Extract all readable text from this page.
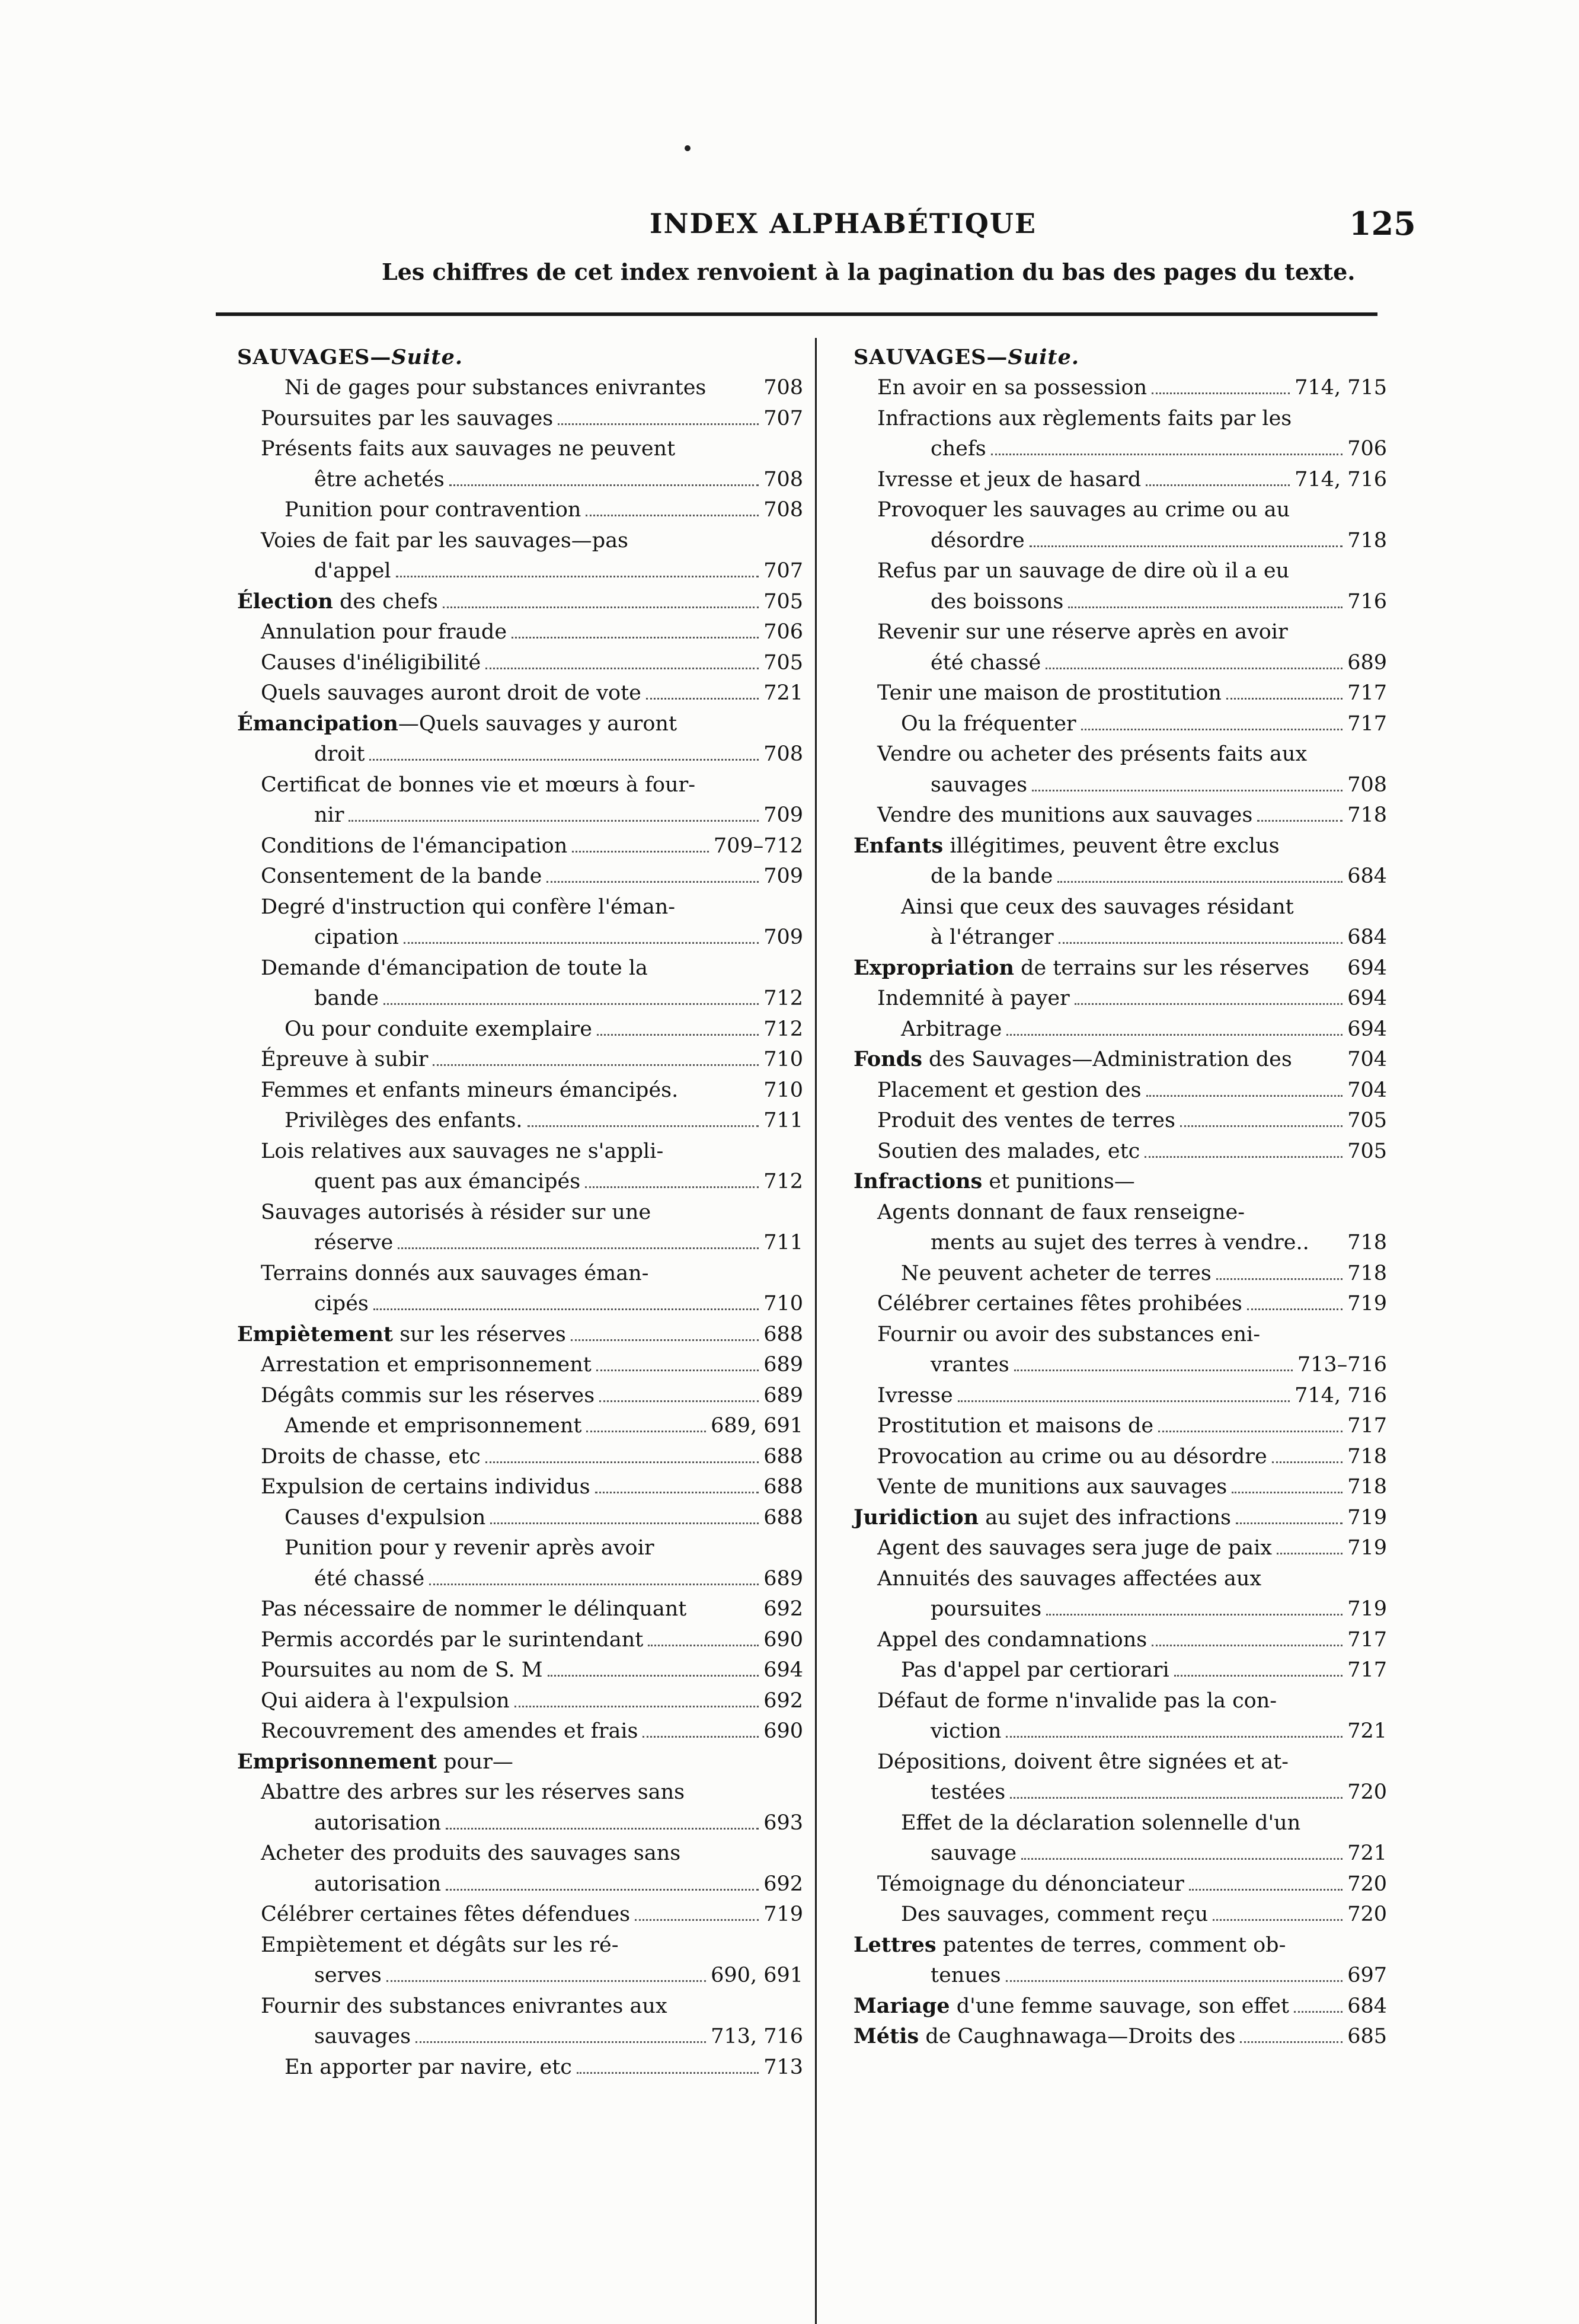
INDEX ALPHABÉTIQUE	125
Les chiffres de cet index renvoient à la pagination du bas des pages du texte.
SAUVAGES—Suite.
Ni de gages pour substances enivrantes	708
Poursuites par les sauvages	707
Présents faits aux sauvages ne peuvent
être achetés	708
Punition pour contravention	708
Voies de fait par les sauvages—pas
d'appel	707
Élection des chefs	705
Annulation pour fraude	706
Causes d'inéligibilité	705
Quels sauvages auront droit de vote	721
Émancipation—Quels sauvages y auront
droit	708
Certificat de bonnes vie et mœurs à four-
nir	709
Conditions de l'émancipation	709–712
Consentement de la bande	709
Degré d'instruction qui confère l'éman-
cipation	709
Demande d'émancipation de toute la
bande	712
Ou pour conduite exemplaire	712
Épreuve à subir	710
Femmes et enfants mineurs émancipés.	710
Privilèges des enfants.	711
Lois relatives aux sauvages ne s'appli-
quent pas aux émancipés	712
Sauvages autorisés à résider sur une
réserve	711
Terrains donnés aux sauvages éman-
cipés	710
Empiètement sur les réserves	688
Arrestation et emprisonnement	689
Dégâts commis sur les réserves	689
Amende et emprisonnement	689, 691
Droits de chasse, etc	688
Expulsion de certains individus	688
Causes d'expulsion	688
Punition pour y revenir après avoir
été chassé	689
Pas nécessaire de nommer le délinquant	692
Permis accordés par le surintendant	690
Poursuites au nom de S. M	694
Qui aidera à l'expulsion	692
Recouvrement des amendes et frais	690
Emprisonnement pour—
Abattre des arbres sur les réserves sans
autorisation	693
Acheter des produits des sauvages sans
autorisation	692
Célébrer certaines fêtes défendues	719
Empiètement et dégâts sur les ré-
serves	690, 691
Fournir des substances enivrantes aux
sauvages	713, 716
En apporter par navire, etc	713
SAUVAGES—Suite.
En avoir en sa possession	714, 715
Infractions aux règlements faits par les
chefs	706
Ivresse et jeux de hasard	714, 716
Provoquer les sauvages au crime ou au
désordre	718
Refus par un sauvage de dire où il a eu
des boissons	716
Revenir sur une réserve après en avoir
été chassé	689
Tenir une maison de prostitution	717
Ou la fréquenter	717
Vendre ou acheter des présents faits aux
sauvages	708
Vendre des munitions aux sauvages	718
Enfants illégitimes, peuvent être exclus
de la bande	684
Ainsi que ceux des sauvages résidant
à l'étranger	684
Expropriation de terrains sur les réserves 694
Indemnité à payer	694
Arbitrage	694
Fonds des Sauvages—Administration des	704
Placement et gestion des	704
Produit des ventes de terres	705
Soutien des malades, etc	705
Infractions et punitions—
Agents donnant de faux renseigne-
ments au sujet des terres à vendre.. 718
Ne peuvent acheter de terres	718
Célébrer certaines fêtes prohibées	719
Fournir ou avoir des substances eni-
vrantes	713–716
Ivresse	714, 716
Prostitution et maisons de	717
Provocation au crime ou au désordre	718
Vente de munitions aux sauvages	718
Juridiction au sujet des infractions	719
Agent des sauvages sera juge de paix	719
Annuités des sauvages affectées aux
poursuites	719
Appel des condamnations	717
Pas d'appel par certiorari	717
Défaut de forme n'invalide pas la con-
viction	721
Dépositions, doivent être signées et at-
testées	720
Effet de la déclaration solennelle d'un
sauvage	721
Témoignage du dénonciateur	720
Des sauvages, comment reçu	720
Lettres patentes de terres, comment ob-
tenues	697
Mariage d'une femme sauvage, son effet	684
Métis de Caughnawaga—Droits des	685
